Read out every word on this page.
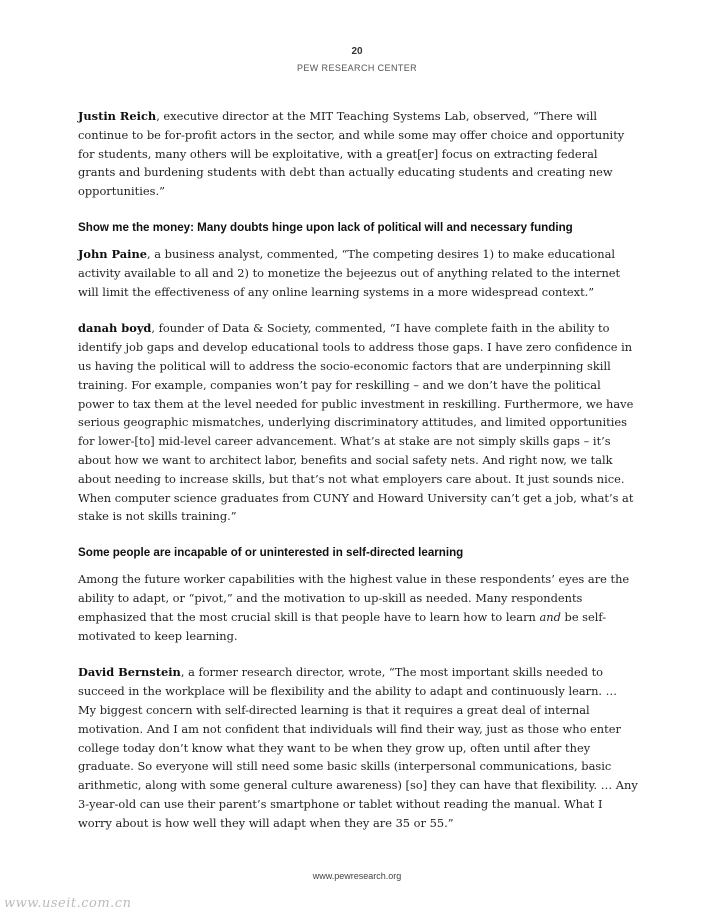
20
PEW RESEARCH CENTER

Justin Reich, executive director at the MIT Teaching Systems Lab, observed, “There will continue to be for-profit actors in the sector, and while some may offer choice and opportunity for students, many others will be exploitative, with a great[er] focus on extracting federal grants and burdening students with debt than actually educating students and creating new opportunities.”

Show me the money: Many doubts hinge upon lack of political will and necessary funding

John Paine, a business analyst, commented, “The competing desires 1) to make educational activity available to all and 2) to monetize the bejeezus out of anything related to the internet will limit the effectiveness of any online learning systems in a more widespread context.”

danah boyd, founder of Data & Society, commented, “I have complete faith in the ability to identify job gaps and develop educational tools to address those gaps. I have zero confidence in us having the political will to address the socio-economic factors that are underpinning skill training. For example, companies won’t pay for reskilling – and we don’t have the political power to tax them at the level needed for public investment in reskilling. Furthermore, we have serious geographic mismatches, underlying discriminatory attitudes, and limited opportunities for lower-[to] mid-level career advancement. What’s at stake are not simply skills gaps – it’s about how we want to architect labor, benefits and social safety nets. And right now, we talk about needing to increase skills, but that’s not what employers care about. It just sounds nice. When computer science graduates from CUNY and Howard University can’t get a job, what’s at stake is not skills training.”

Some people are incapable of or uninterested in self-directed learning

Among the future worker capabilities with the highest value in these respondents’ eyes are the ability to adapt, or “pivot,” and the motivation to up-skill as needed. Many respondents emphasized that the most crucial skill is that people have to learn how to learn and be self-motivated to keep learning.

David Bernstein, a former research director, wrote, “The most important skills needed to succeed in the workplace will be flexibility and the ability to adapt and continuously learn. … My biggest concern with self-directed learning is that it requires a great deal of internal motivation. And I am not confident that individuals will find their way, just as those who enter college today don’t know what they want to be when they grow up, often until after they graduate. So everyone will still need some basic skills (interpersonal communications, basic arithmetic, along with some general culture awareness) [so] they can have that flexibility. … Any 3-year-old can use their parent’s smartphone or tablet without reading the manual. What I worry about is how well they will adapt when they are 35 or 55.”

www.pewresearch.org
www.useit.com.cn
